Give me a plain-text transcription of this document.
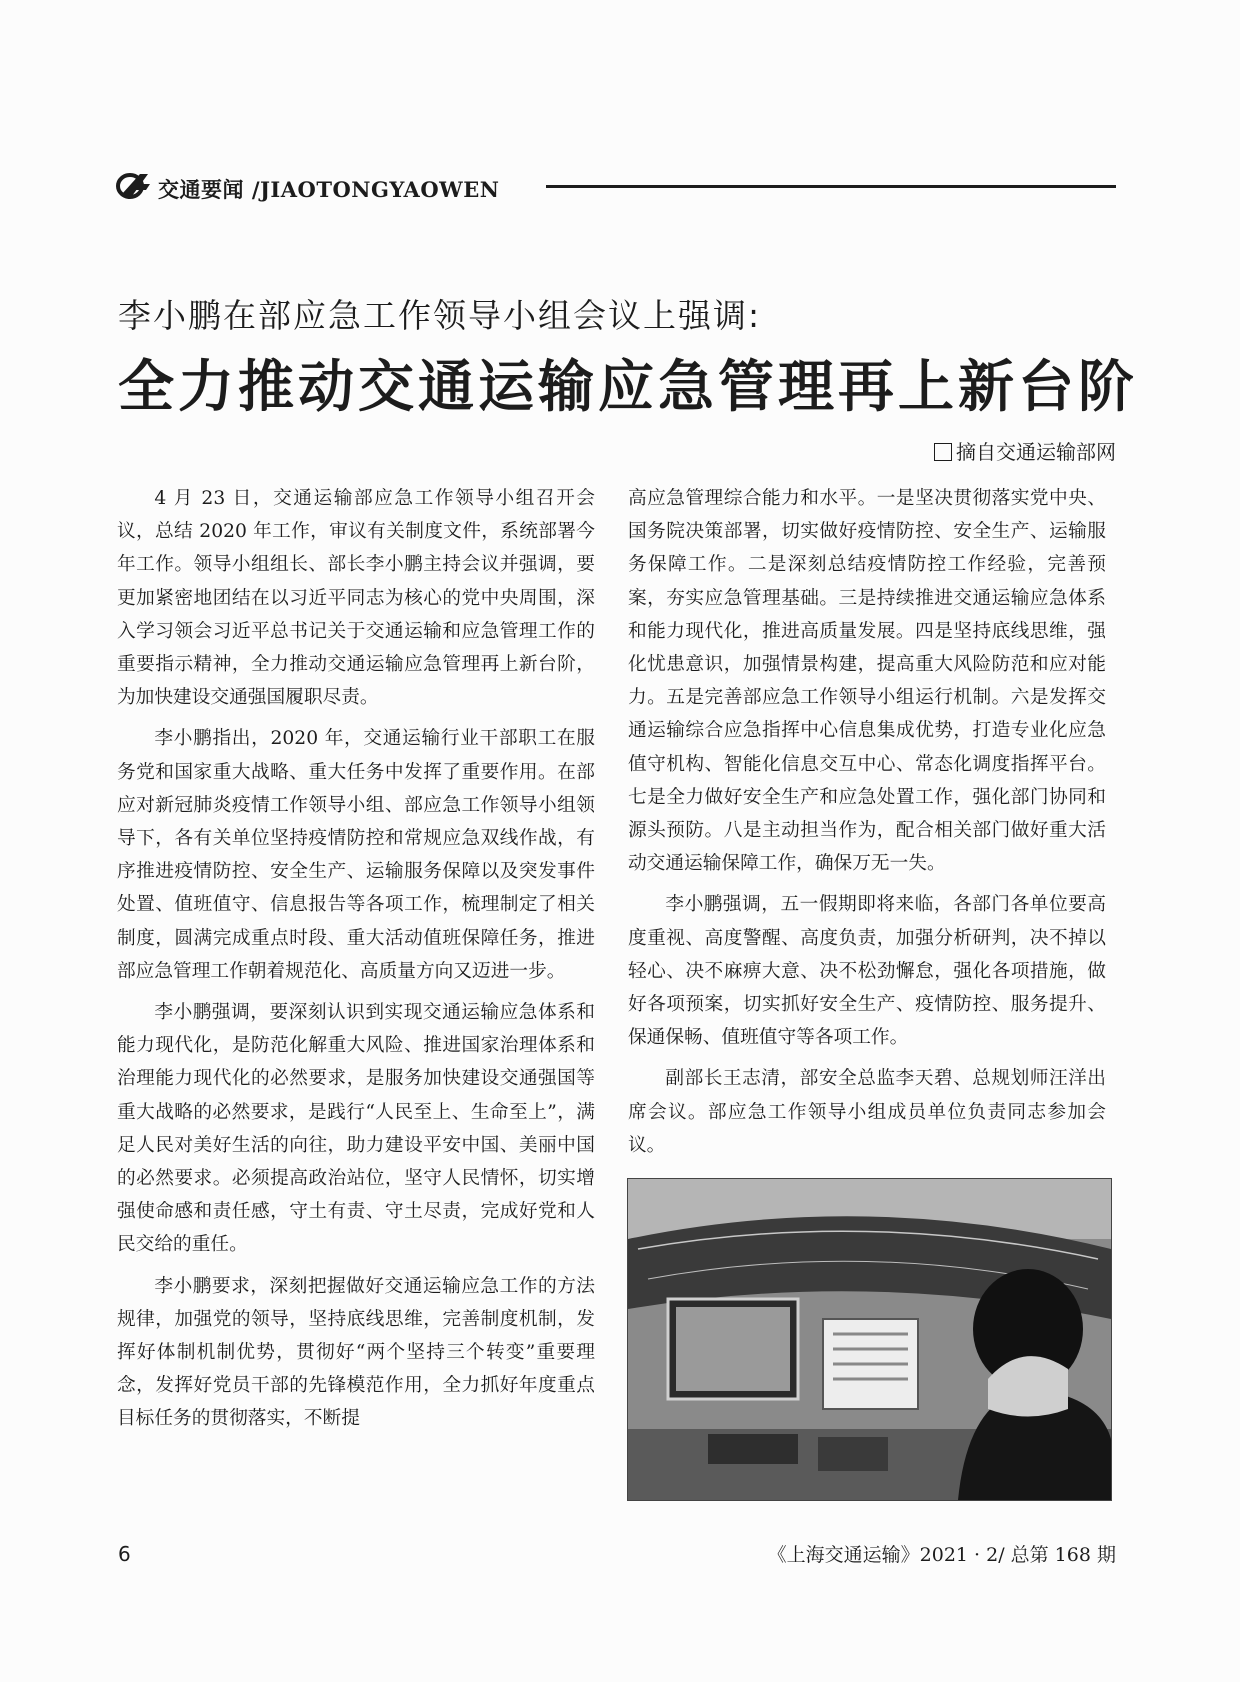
交通要闻 /JIAOTONGYAOWEN
李小鹏在部应急工作领导小组会议上强调:
全力推动交通运输应急管理再上新台阶
摘自交通运输部网

4 月 23 日，交通运输部应急工作领导小组召开会议，总结 2020 年工作，审议有关制度文件，系统部署今年工作。领导小组组长、部长李小鹏主持会议并强调，要更加紧密地团结在以习近平同志为核心的党中央周围，深入学习领会习近平总书记关于交通运输和应急管理工作的重要指示精神，全力推动交通运输应急管理再上新台阶，为加快建设交通强国履职尽责。

李小鹏指出，2020 年，交通运输行业干部职工在服务党和国家重大战略、重大任务中发挥了重要作用。在部应对新冠肺炎疫情工作领导小组、部应急工作领导小组领导下，各有关单位坚持疫情防控和常规应急双线作战，有序推进疫情防控、安全生产、运输服务保障以及突发事件处置、值班值守、信息报告等各项工作，梳理制定了相关制度，圆满完成重点时段、重大活动值班保障任务，推进部应急管理工作朝着规范化、高质量方向又迈进一步。

李小鹏强调，要深刻认识到实现交通运输应急体系和能力现代化，是防范化解重大风险、推进国家治理体系和治理能力现代化的必然要求，是服务加快建设交通强国等重大战略的必然要求，是践行“人民至上、生命至上”，满足人民对美好生活的向往，助力建设平安中国、美丽中国的必然要求。必须提高政治站位，坚守人民情怀，切实增强使命感和责任感，守土有责、守土尽责，完成好党和人民交给的重任。

李小鹏要求，深刻把握做好交通运输应急工作的方法规律，加强党的领导，坚持底线思维，完善制度机制，发挥好体制机制优势，贯彻好“两个坚持三个转变”重要理念，发挥好党员干部的先锋模范作用，全力抓好年度重点目标任务的贯彻落实，不断提

高应急管理综合能力和水平。一是坚决贯彻落实党中央、国务院决策部署，切实做好疫情防控、安全生产、运输服务保障工作。二是深刻总结疫情防控工作经验，完善预案，夯实应急管理基础。三是持续推进交通运输应急体系和能力现代化，推进高质量发展。四是坚持底线思维，强化忧患意识，加强情景构建，提高重大风险防范和应对能力。五是完善部应急工作领导小组运行机制。六是发挥交通运输综合应急指挥中心信息集成优势，打造专业化应急值守机构、智能化信息交互中心、常态化调度指挥平台。七是全力做好安全生产和应急处置工作，强化部门协同和源头预防。八是主动担当作为，配合相关部门做好重大活动交通运输保障工作，确保万无一失。

李小鹏强调，五一假期即将来临，各部门各单位要高度重视、高度警醒、高度负责，加强分析研判，决不掉以轻心、决不麻痹大意、决不松劲懈怠，强化各项措施，做好各项预案，切实抓好安全生产、疫情防控、服务提升、保通保畅、值班值守等各项工作。

副部长王志清，部安全总监李天碧、总规划师汪洋出席会议。部应急工作领导小组成员单位负责同志参加会议。

6	《上海交通运输》2021 · 2/ 总第 168 期
